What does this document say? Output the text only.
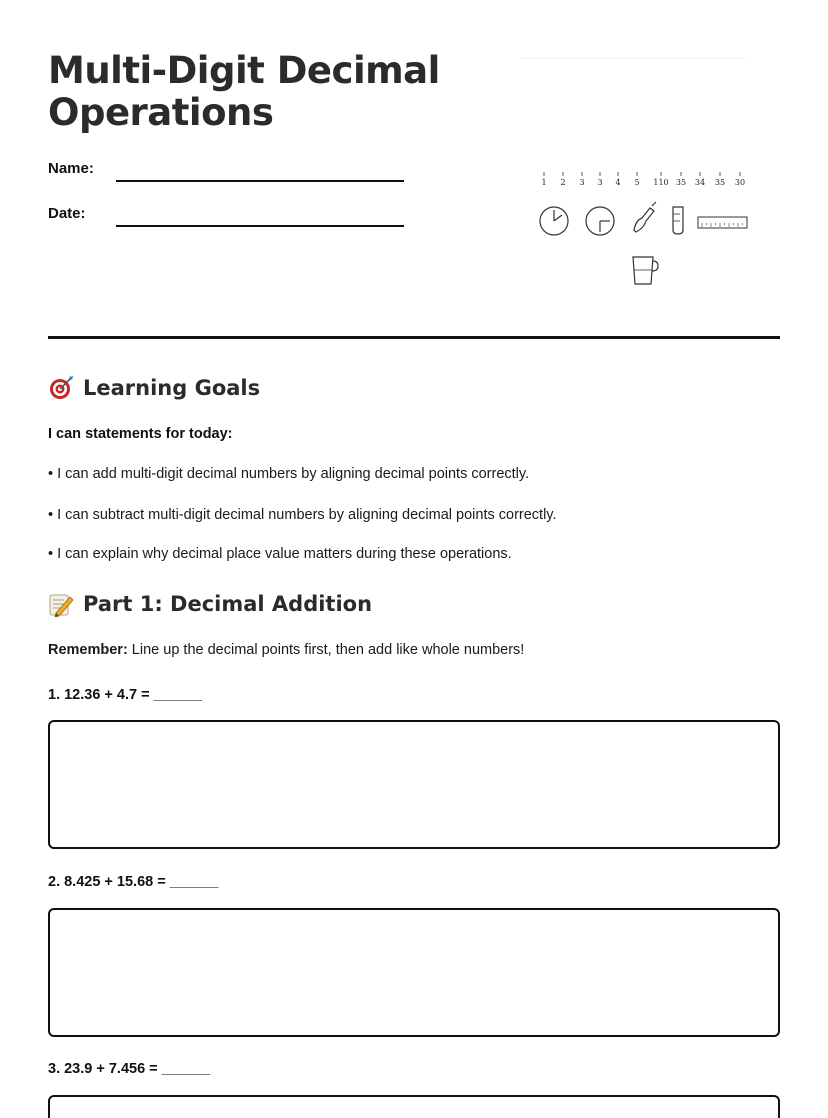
Multi-Digit Decimal
Operations
Name:
Date:
1 2 3 3 4 5 110 35 34 35 30
Learning Goals
I can statements for today:
• I can add multi-digit decimal numbers by aligning decimal points correctly.
• I can subtract multi-digit decimal numbers by aligning decimal points correctly.
• I can explain why decimal place value matters during these operations.
Part 1: Decimal Addition
Remember: Line up the decimal points first, then add like whole numbers!
1. 12.36 + 4.7 = ______
2. 8.425 + 15.68 = ______
3. 23.9 + 7.456 = ______
